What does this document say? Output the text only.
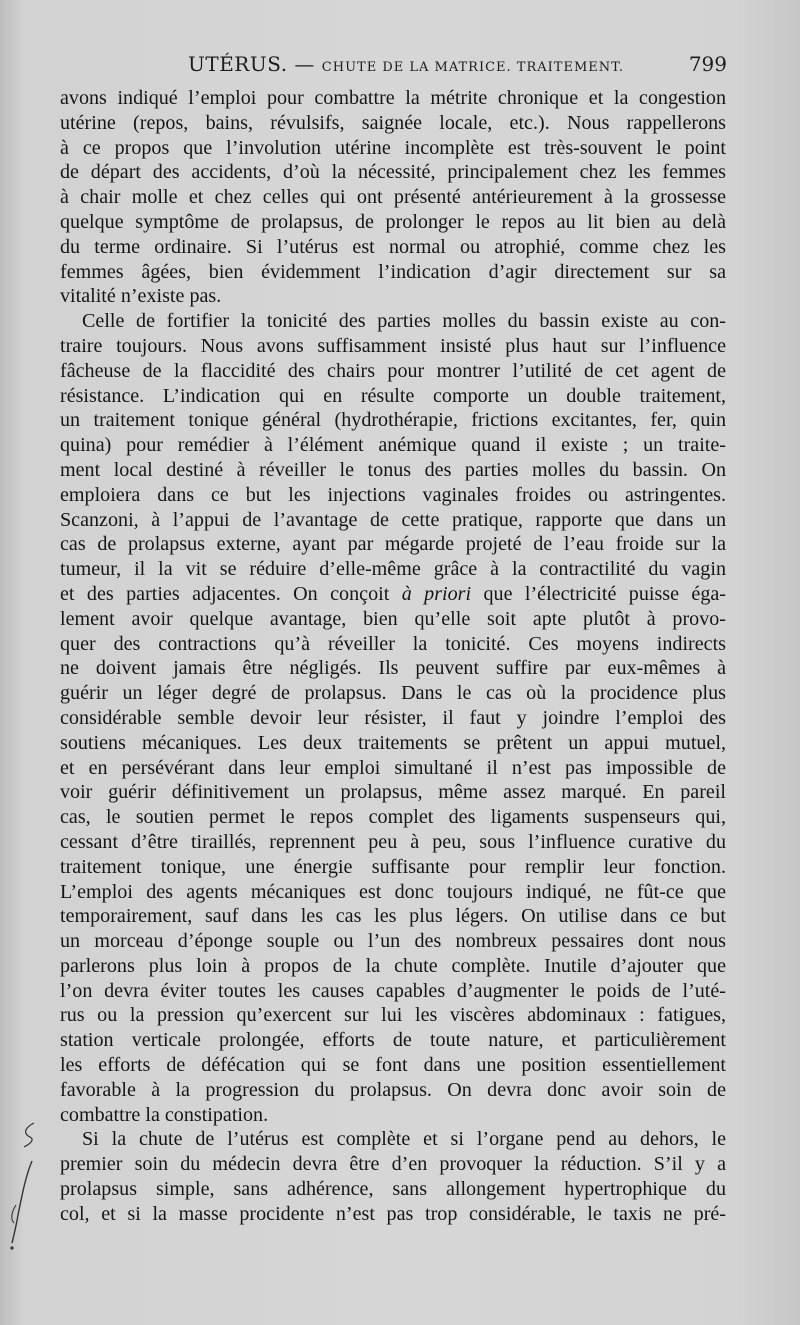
UTÉRUS. — CHUTE DE LA MATRICE. TRAITEMENT.	799
avons indiqué l’emploi pour combattre la métrite chronique et la congestion
utérine (repos, bains, révulsifs, saignée locale, etc.). Nous rappellerons
à ce propos que l’involution utérine incomplète est très-souvent le point
de départ des accidents, d’où la nécessité, principalement chez les femmes
à chair molle et chez celles qui ont présenté antérieurement à la grossesse
quelque symptôme de prolapsus, de prolonger le repos au lit bien au delà
du terme ordinaire. Si l’utérus est normal ou atrophié, comme chez les
femmes âgées, bien évidemment l’indication d’agir directement sur sa
vitalité n’existe pas.
Celle de fortifier la tonicité des parties molles du bassin existe au con-
traire toujours. Nous avons suffisamment insisté plus haut sur l’influence
fâcheuse de la flaccidité des chairs pour montrer l’utilité de cet agent de
résistance. L’indication qui en résulte comporte un double traitement,
un traitement tonique général (hydrothérapie, frictions excitantes, fer, quin
quina) pour remédier à l’élément anémique quand il existe ; un traite-
ment local destiné à réveiller le tonus des parties molles du bassin. On
emploiera dans ce but les injections vaginales froides ou astringentes.
Scanzoni, à l’appui de l’avantage de cette pratique, rapporte que dans un
cas de prolapsus externe, ayant par mégarde projeté de l’eau froide sur la
tumeur, il la vit se réduire d’elle-même grâce à la contractilité du vagin
et des parties adjacentes. On conçoit à priori que l’électricité puisse éga-
lement avoir quelque avantage, bien qu’elle soit apte plutôt à provo-
quer des contractions qu’à réveiller la tonicité. Ces moyens indirects
ne doivent jamais être négligés. Ils peuvent suffire par eux-mêmes à
guérir un léger degré de prolapsus. Dans le cas où la procidence plus
considérable semble devoir leur résister, il faut y joindre l’emploi des
soutiens mécaniques. Les deux traitements se prêtent un appui mutuel,
et en persévérant dans leur emploi simultané il n’est pas impossible de
voir guérir définitivement un prolapsus, même assez marqué. En pareil
cas, le soutien permet le repos complet des ligaments suspenseurs qui,
cessant d’être tiraillés, reprennent peu à peu, sous l’influence curative du
traitement tonique, une énergie suffisante pour remplir leur fonction.
L’emploi des agents mécaniques est donc toujours indiqué, ne fût-ce que
temporairement, sauf dans les cas les plus légers. On utilise dans ce but
un morceau d’éponge souple ou l’un des nombreux pessaires dont nous
parlerons plus loin à propos de la chute complète. Inutile d’ajouter que
l’on devra éviter toutes les causes capables d’augmenter le poids de l’uté-
rus ou la pression qu’exercent sur lui les viscères abdominaux : fatigues,
station verticale prolongée, efforts de toute nature, et particulièrement
les efforts de défécation qui se font dans une position essentiellement
favorable à la progression du prolapsus. On devra donc avoir soin de
combattre la constipation.
Si la chute de l’utérus est complète et si l’organe pend au dehors, le
premier soin du médecin devra être d’en provoquer la réduction. S’il y a
prolapsus simple, sans adhérence, sans allongement hypertrophique du
col, et si la masse procidente n’est pas trop considérable, le taxis ne pré-
